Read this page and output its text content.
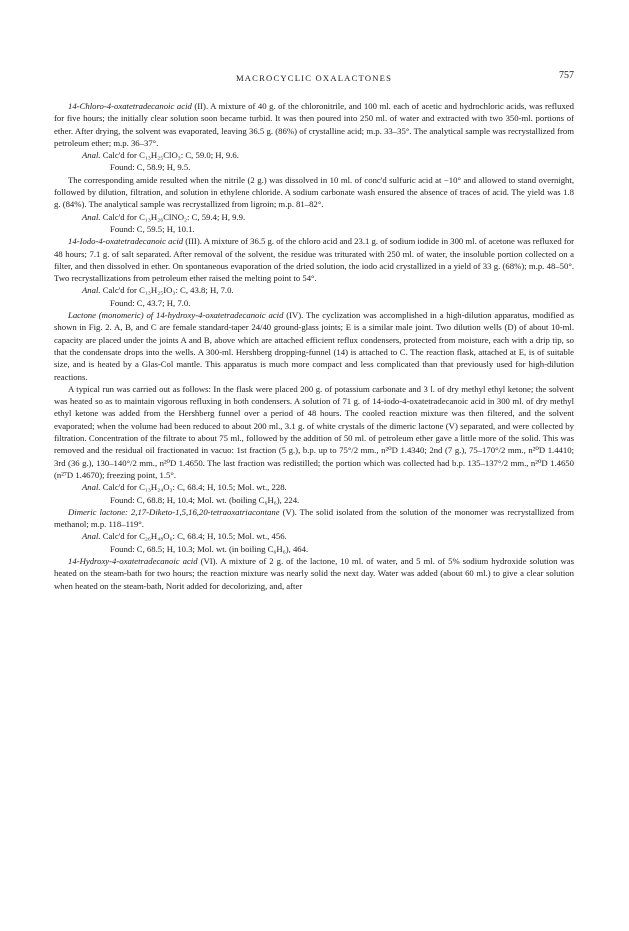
MACROCYCLIC OXALACTONES	757

14-Chloro-4-oxatetradecanoic acid (II). A mixture of 40 g. of the chloronitrile, and 100 ml. each of acetic and hydrochloric acids, was refluxed for five hours; the initially clear solution soon became turbid. It was then poured into 250 ml. of water and extracted with two 350-ml. portions of ether. After drying, the solvent was evaporated, leaving 36.5 g. (86%) of crystalline acid; m.p. 33–35°. The analytical sample was recrystallized from petroleum ether; m.p. 36–37°.

Anal. Calc'd for C₁₃H₂₅ClO₃: C, 59.0; H, 9.6.

Found: C, 58.9; H, 9.5.

The corresponding amide resulted when the nitrile (2 g.) was dissolved in 10 ml. of conc'd sulfuric acid at −10° and allowed to stand overnight, followed by dilution, filtration, and solution in ethylene chloride. A sodium carbonate wash ensured the absence of traces of acid. The yield was 1.8 g. (84%). The analytical sample was recrystallized from ligroin; m.p. 81–82°.

Anal. Calc'd for C₁₃H₂₆ClNO₂: C, 59.4; H, 9.9.

Found: C, 59.5; H, 10.1.

14-Iodo-4-oxatetradecanoic acid (III). A mixture of 36.5 g. of the chloro acid and 23.1 g. of sodium iodide in 300 ml. of acetone was refluxed for 48 hours; 7.1 g. of salt separated. After removal of the solvent, the residue was triturated with 250 ml. of water, the insoluble portion collected on a filter, and then dissolved in ether. On spontaneous evaporation of the dried solution, the iodo acid crystallized in a yield of 33 g. (68%); m.p. 48–50°. Two recrystallizations from petroleum ether raised the melting point to 54°.

Anal. Calc'd for C₁₃H₂₅IO₃: C, 43.8; H, 7.0.

Found: C, 43.7; H, 7.0.

Lactone (monomeric) of 14-hydroxy-4-oxatetradecanoic acid (IV). The cyclization was accomplished in a high-dilution apparatus, modified as shown in Fig. 2. A, B, and C are female standard-taper 24/40 ground-glass joints; E is a similar male joint. Two dilution wells (D) of about 10-ml. capacity are placed under the joints A and B, above which are attached efficient reflux condensers, protected from moisture, each with a drip tip, so that the condensate drops into the wells. A 300-ml. Hershberg dropping-funnel (14) is attached to C. The reaction flask, attached at E, is of suitable size, and is heated by a Glas-Col mantle. This apparatus is much more compact and less complicated than that previously used for high-dilution reactions.

A typical run was carried out as follows: In the flask were placed 200 g. of potassium carbonate and 3 l. of dry methyl ethyl ketone; the solvent was heated so as to maintain vigorous refluxing in both condensers. A solution of 71 g. of 14-iodo-4-oxatetradecanoic acid in 300 ml. of dry methyl ethyl ketone was added from the Hershberg funnel over a period of 48 hours. The cooled reaction mixture was then filtered, and the solvent evaporated; when the volume had been reduced to about 200 ml., 3.1 g. of white crystals of the dimeric lactone (V) separated, and were collected by filtration. Concentration of the filtrate to about 75 ml., followed by the addition of 50 ml. of petroleum ether gave a little more of the solid. This was removed and the residual oil fractionated in vacuo: 1st fraction (5 g.), b.p. up to 75°/2 mm., n²⁰D 1.4340; 2nd (7 g.), 75–170°/2 mm., n²⁰D 1.4410; 3rd (36 g.), 130–140°/2 mm., n²⁰D 1.4650. The last fraction was redistilled; the portion which was collected had b.p. 135–137°/2 mm., n²⁰D 1.4650 (n²⁷D 1.4670); freezing point, 1.5°.

Anal. Calc'd for C₁₃H₂₄O₃: C, 68.4; H, 10.5; Mol. wt., 228.

Found: C, 68.8; H, 10.4; Mol. wt. (boiling C₆H₆), 224.

Dimeric lactone: 2,17-Diketo-1,5,16,20-tetraoxatriacontane (V). The solid isolated from the solution of the monomer was recrystallized from methanol; m.p. 118–119°.

Anal. Calc'd for C₂₆H₄₈O₆: C, 68.4; H, 10.5; Mol. wt., 456.

Found: C, 68.5; H, 10.3; Mol. wt. (in boiling C₆H₆), 464.

14-Hydroxy-4-oxatetradecanoic acid (VI). A mixture of 2 g. of the lactone, 10 ml. of water, and 5 ml. of 5% sodium hydroxide solution was heated on the steam-bath for two hours; the reaction mixture was nearly solid the next day. Water was added (about 60 ml.) to give a clear solution when heated on the steam-bath, Norit added for decolorizing, and, after
